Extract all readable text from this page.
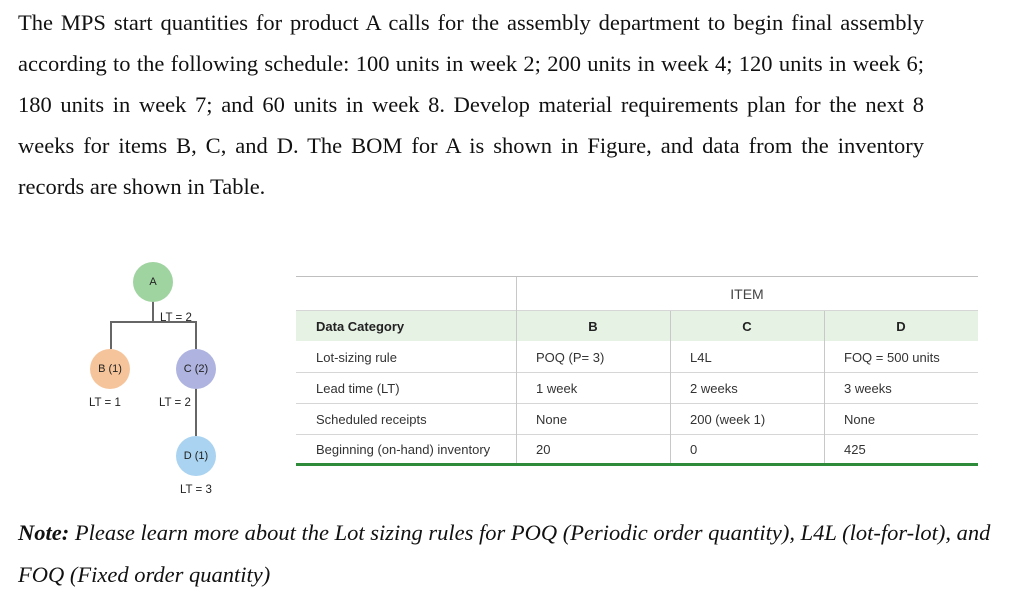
The MPS start quantities for product A calls for the assembly department to begin final assembly according to the following schedule: 100 units in week 2; 200 units in week 4; 120 units in week 6; 180 units in week 7; and 60 units in week 8. Develop material requirements plan for the next 8 weeks for items B, C, and D. The BOM for A is shown in Figure, and data from the inventory records are shown in Table.
A
LT = 2
B (1)
LT = 1
C (2)
LT = 2
D (1)
LT = 3
ITEM
Data Category	B	C	D
Lot-sizing rule	POQ (P= 3)	L4L	FOQ = 500 units
Lead time (LT)	1 week	2 weeks	3 weeks
Scheduled receipts	None	200 (week 1)	None
Beginning (on-hand) inventory	20	0	425
Note: Please learn more about the Lot sizing rules for POQ (Periodic order quantity), L4L (lot-for-lot), and FOQ (Fixed order quantity)
